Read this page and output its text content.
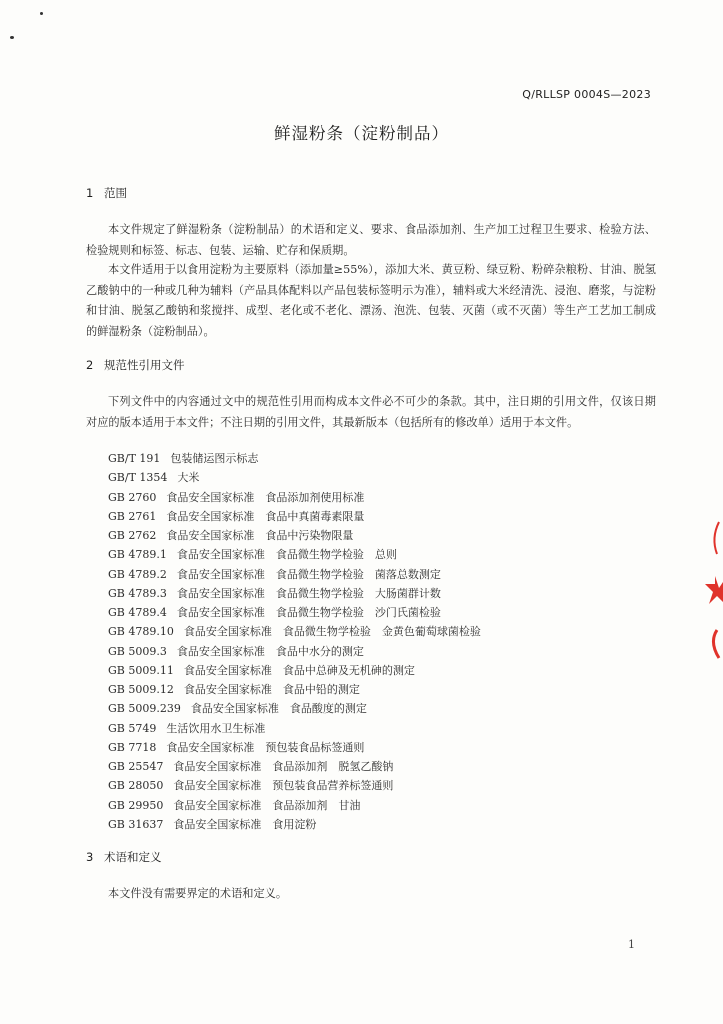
Q/RLLSP 0004S—2023
鲜湿粉条（淀粉制品）
1 范围
本文件规定了鲜湿粉条（淀粉制品）的术语和定义、要求、食品添加剂、生产加工过程卫生要求、检验方法、检验规则和标签、标志、包装、运输、贮存和保质期。
本文件适用于以食用淀粉为主要原料（添加量≥55%），添加大米、黄豆粉、绿豆粉、粉碎杂粮粉、甘油、脱氢乙酸钠中的一种或几种为辅料（产品具体配料以产品包装标签明示为准），辅料或大米经清洗、浸泡、磨浆，与淀粉和甘油、脱氢乙酸钠和浆搅拌、成型、老化或不老化、漂汤、泡洗、包装、灭菌（或不灭菌）等生产工艺加工制成的鲜湿粉条（淀粉制品）。
2 规范性引用文件
下列文件中的内容通过文中的规范性引用而构成本文件必不可少的条款。其中，注日期的引用文件，仅该日期对应的版本适用于本文件；不注日期的引用文件，其最新版本（包括所有的修改单）适用于本文件。
GB/T 191 包装储运图示标志
GB/T 1354 大米
GB 2760 食品安全国家标准　食品添加剂使用标准
GB 2761 食品安全国家标准　食品中真菌毒素限量
GB 2762 食品安全国家标准　食品中污染物限量
GB 4789.1 食品安全国家标准　食品微生物学检验　总则
GB 4789.2 食品安全国家标准　食品微生物学检验　菌落总数测定
GB 4789.3 食品安全国家标准　食品微生物学检验　大肠菌群计数
GB 4789.4 食品安全国家标准　食品微生物学检验　沙门氏菌检验
GB 4789.10 食品安全国家标准　食品微生物学检验　金黄色葡萄球菌检验
GB 5009.3 食品安全国家标准　食品中水分的测定
GB 5009.11 食品安全国家标准　食品中总砷及无机砷的测定
GB 5009.12 食品安全国家标准　食品中铅的测定
GB 5009.239 食品安全国家标准　食品酸度的测定
GB 5749 生活饮用水卫生标准
GB 7718 食品安全国家标准　预包装食品标签通则
GB 25547 食品安全国家标准　食品添加剂　脱氢乙酸钠
GB 28050 食品安全国家标准　预包装食品营养标签通则
GB 29950 食品安全国家标准　食品添加剂　甘油
GB 31637 食品安全国家标准　食用淀粉
3 术语和定义
本文件没有需要界定的术语和定义。
1
